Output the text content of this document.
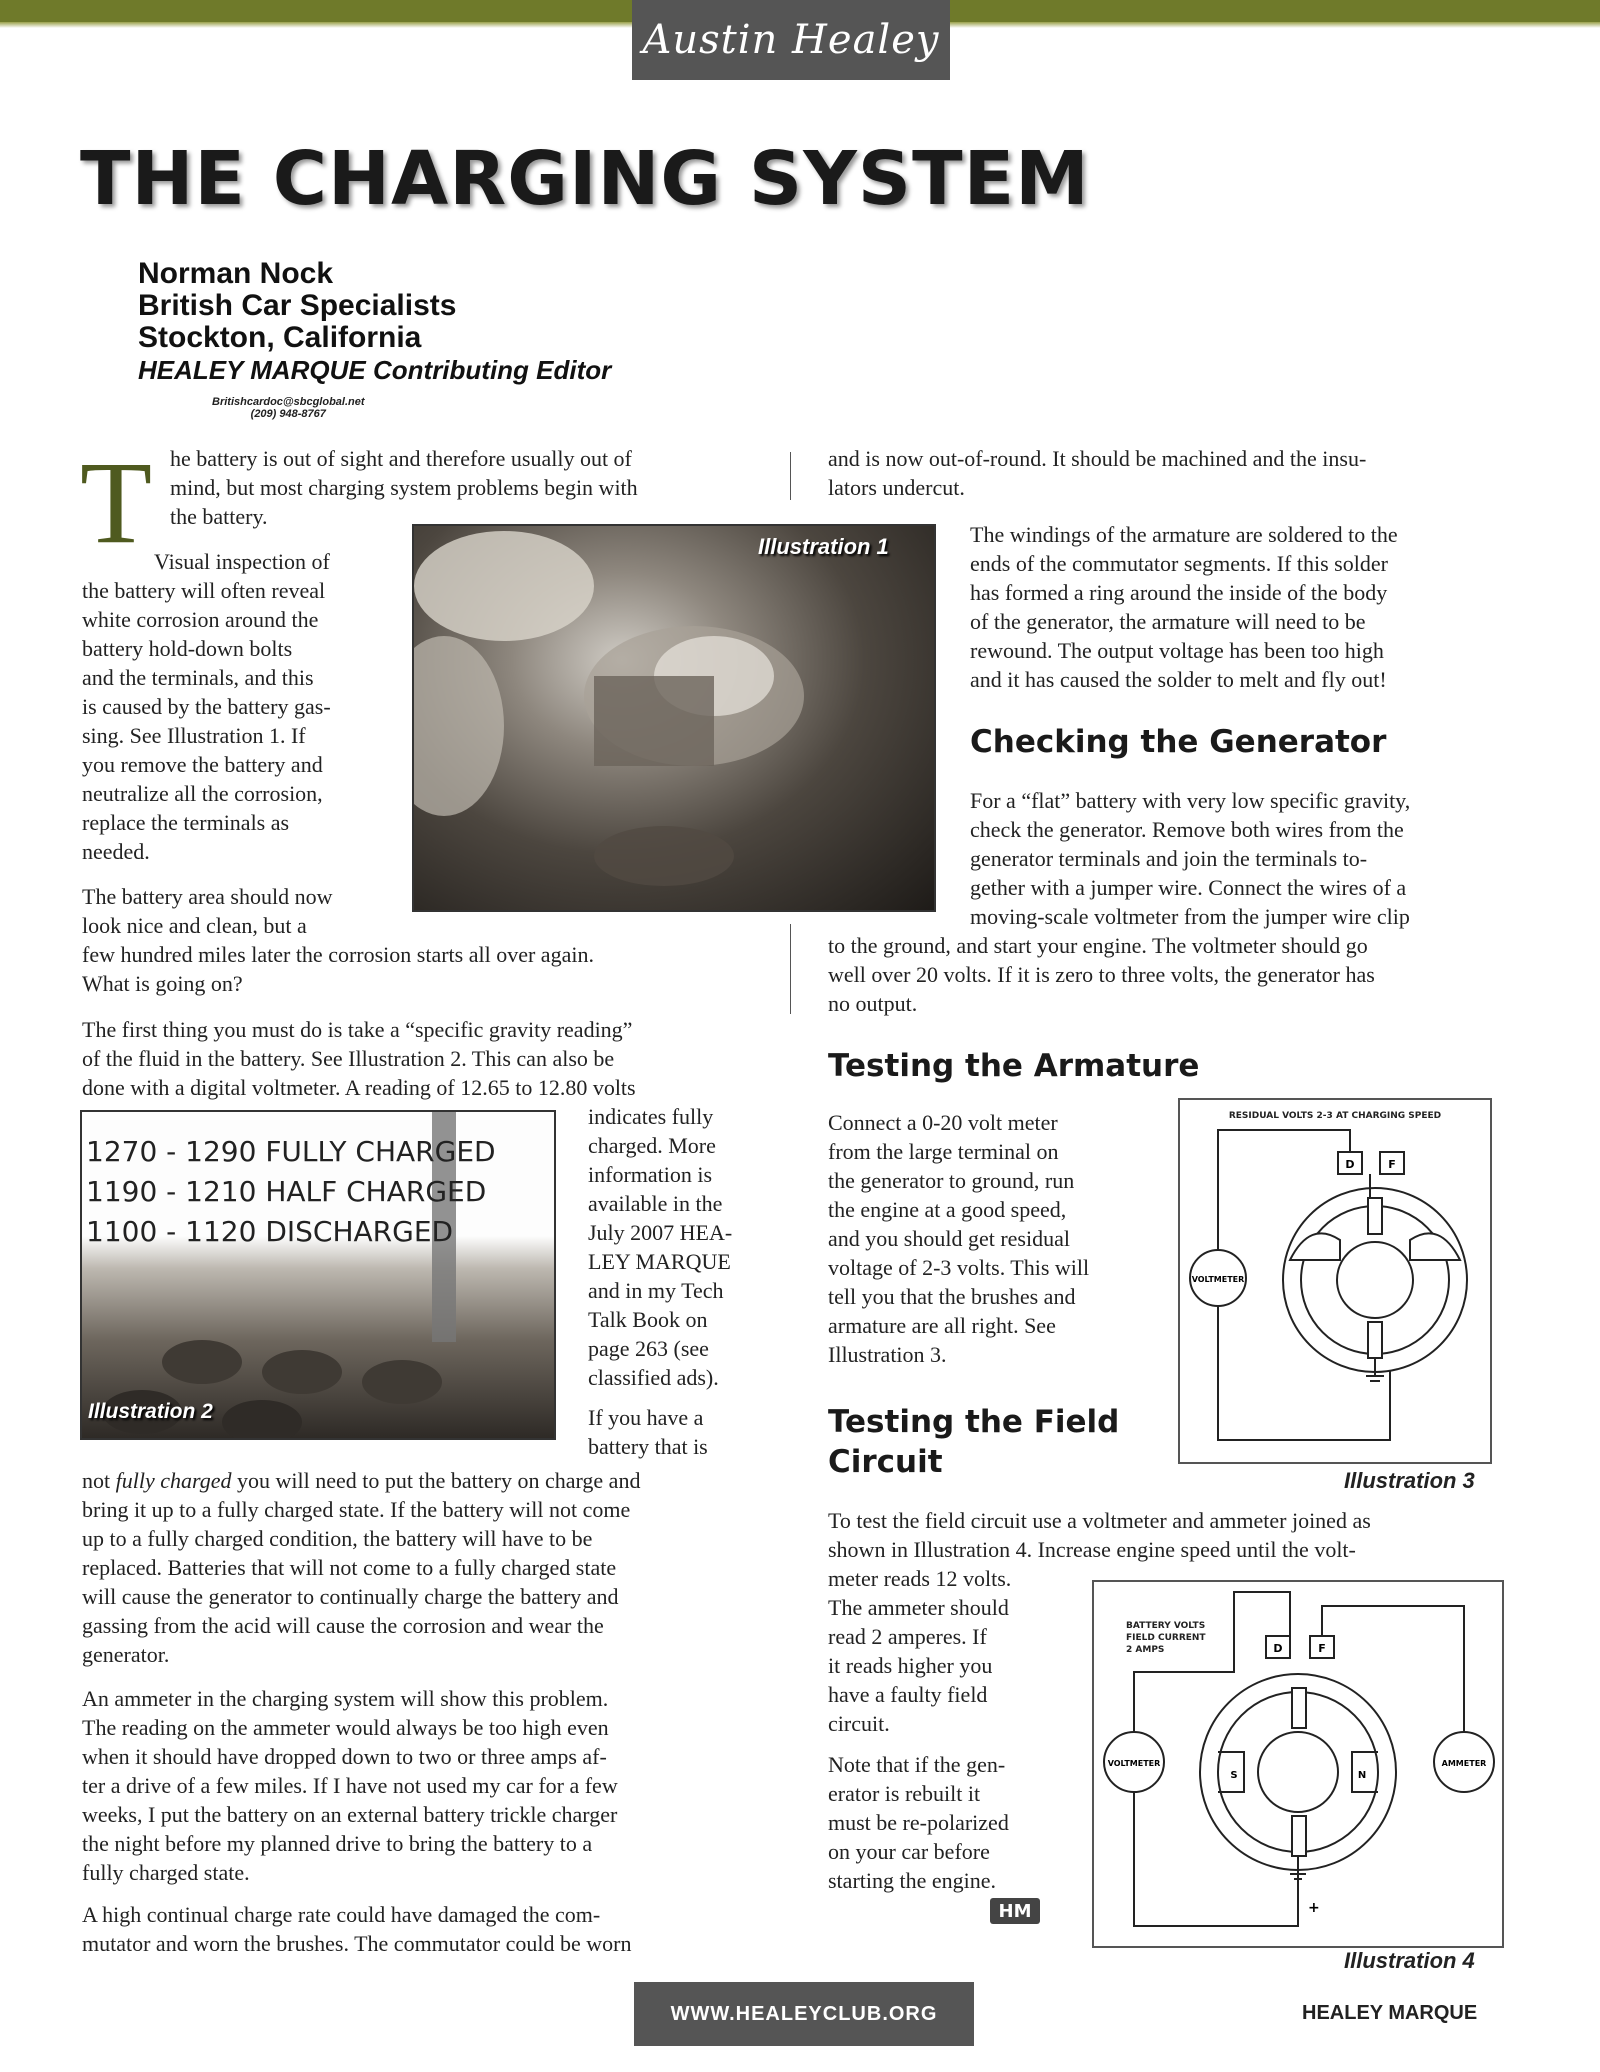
Austin Healey
THE CHARGING SYSTEM
Norman Nock
British Car Specialists
Stockton, California
HEALEY MARQUE Contributing Editor
Britishcardoc@sbcglobal.net
(209) 948-8767
T he battery is out of sight and therefore usually out of

mind, but most charging system problems begin with

the battery.

Visual inspection of

the battery will often reveal

white corrosion around the

battery hold-down bolts

and the terminals, and this

is caused by the battery gas-

sing. See Illustration 1. If

you remove the battery and

neutralize all the corrosion,

replace the terminals as

needed.

Illustration 1

The battery area should now

look nice and clean, but a

few hundred miles later the corrosion starts all over again.

What is going on?

The first thing you must do is take a “specific gravity reading”

of the fluid in the battery. See Illustration 2. This can also be

done with a digital voltmeter. A reading of 12.65 to 12.80 volts

1270 - 1290 FULLY CHARGED
1190 - 1210 HALF CHARGED
1100 - 1120 DISCHARGED
Illustration 2

indicates fully

charged. More

information is

available in the

July 2007 HEA-

LEY MARQUE

and in my Tech

Talk Book on

page 263 (see

classified ads).

If you have a

battery that is

not fully charged you will need to put the battery on charge and

bring it up to a fully charged state. If the battery will not come

up to a fully charged condition, the battery will have to be

replaced. Batteries that will not come to a fully charged state

will cause the generator to continually charge the battery and

gassing from the acid will cause the corrosion and wear the

generator.

An ammeter in the charging system will show this problem.

The reading on the ammeter would always be too high even

when it should have dropped down to two or three amps af-

ter a drive of a few miles. If I have not used my car for a few

weeks, I put the battery on an external battery trickle charger

the night before my planned drive to bring the battery to a

fully charged state.

A high continual charge rate could have damaged the com-

mutator and worn the brushes. The commutator could be worn

and is now out-of-round. It should be machined and the insu-

lators undercut.

The windings of the armature are soldered to the

ends of the commutator segments. If this solder

has formed a ring around the inside of the body

of the generator, the armature will need to be

rewound. The output voltage has been too high

and it has caused the solder to melt and fly out!

Checking the Generator

For a “flat” battery with very low specific gravity,

check the generator. Remove both wires from the

generator terminals and join the terminals to-

gether with a jumper wire. Connect the wires of a

moving-scale voltmeter from the jumper wire clip

to the ground, and start your engine. The voltmeter should go

well over 20 volts. If it is zero to three volts, the generator has

no output.

Testing the Armature

Connect a 0-20 volt meter

from the large terminal on

the generator to ground, run

the engine at a good speed,

and you should get residual

voltage of 2-3 volts. This will

tell you that the brushes and

armature are all right. See

Illustration 3.

RESIDUAL VOLTS 2-3 AT CHARGING SPEED
D	F
VOLTMETER
Illustration 3
Testing the Field
Circuit

To test the field circuit use a voltmeter and ammeter joined as

shown in Illustration 4. Increase engine speed until the volt-

meter reads 12 volts.

The ammeter should

read 2 amperes. If

it reads higher you

have a faulty field

circuit.

Note that if the gen-

erator is rebuilt it

must be re-polarized

on your car before

starting the engine.

HM
BATTERY VOLTS
FIELD CURRENT
2 AMPS	D	F
S	N
+
VOLTMETER	AMMETER
Illustration 4
WWW.HEALEYCLUB.ORG	HEALEY MARQUE
